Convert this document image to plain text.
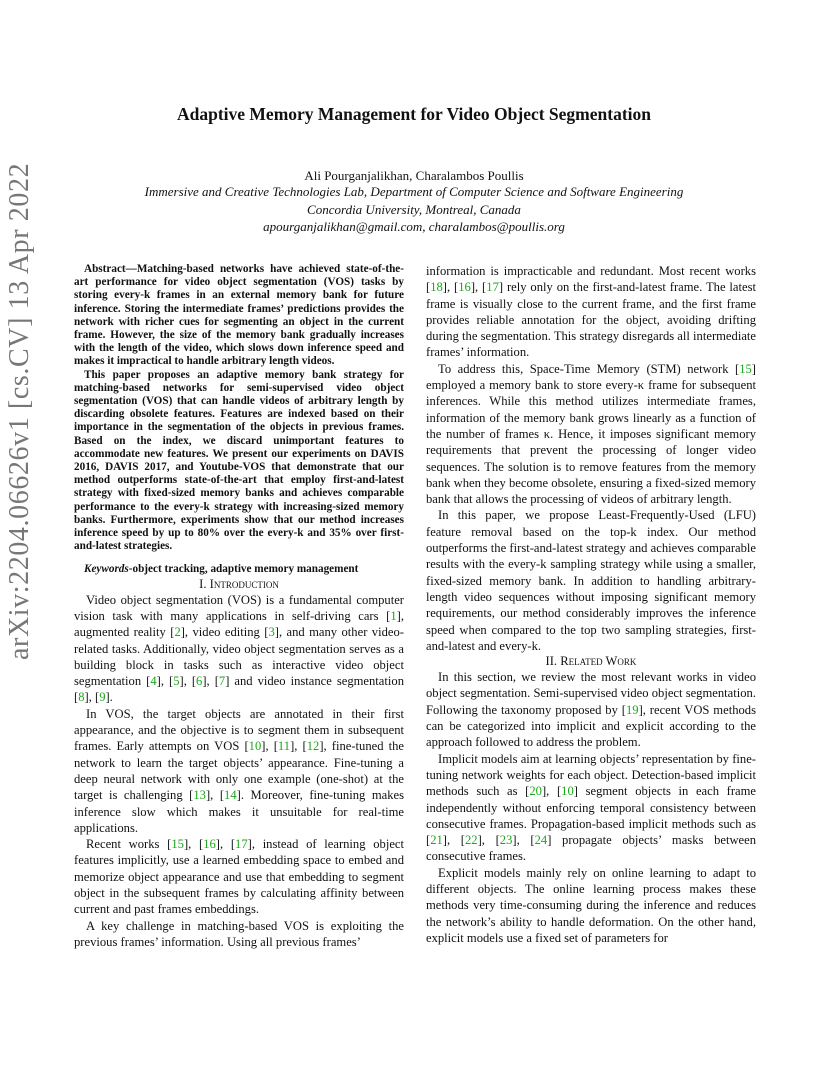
arXiv:2204.06626v1 [cs.CV] 13 Apr 2022
Adaptive Memory Management for Video Object Segmentation
Ali Pourganjalikhan, Charalambos Poullis
Immersive and Creative Technologies Lab, Department of Computer Science and Software Engineering
Concordia University, Montreal, Canada
apourganjalikhan@gmail.com, charalambos@poullis.org

Abstract—Matching-based networks have achieved state-of-the-art performance for video object segmentation (VOS) tasks by storing every-k frames in an external memory bank for future inference. Storing the intermediate frames’ predictions provides the network with richer cues for segmenting an object in the current frame. However, the size of the memory bank gradually increases with the length of the video, which slows down inference speed and makes it impractical to handle arbitrary length videos.

This paper proposes an adaptive memory bank strategy for matching-based networks for semi-supervised video object segmentation (VOS) that can handle videos of arbitrary length by discarding obsolete features. Features are indexed based on their importance in the segmentation of the objects in previous frames. Based on the index, we discard unimportant features to accommodate new features. We present our experiments on DAVIS 2016, DAVIS 2017, and Youtube-VOS that demonstrate that our method outperforms state-of-the-art that employ first-and-latest strategy with fixed-sized memory banks and achieves comparable performance to the every-k strategy with increasing-sized memory banks. Furthermore, experiments show that our method increases inference speed by up to 80% over the every-k and 35% over first-and-latest strategies.

Keywords-object tracking, adaptive memory management
I. Introduction

Video object segmentation (VOS) is a fundamental computer vision task with many applications in self-driving cars [1], augmented reality [2], video editing [3], and many other video-related tasks. Additionally, video object segmentation serves as a building block in tasks such as interactive video object segmentation [4], [5], [6], [7] and video instance segmentation [8], [9].

In VOS, the target objects are annotated in their first appearance, and the objective is to segment them in subsequent frames. Early attempts on VOS [10], [11], [12], fine-tuned the network to learn the target objects’ appearance. Fine-tuning a deep neural network with only one example (one-shot) at the target is challenging [13], [14]. Moreover, fine-tuning makes inference slow which makes it unsuitable for real-time applications.

Recent works [15], [16], [17], instead of learning object features implicitly, use a learned embedding space to embed and memorize object appearance and use that embedding to segment object in the subsequent frames by calculating affinity between current and past frames embeddings.

A key challenge in matching-based VOS is exploiting the previous frames’ information. Using all previous frames’

information is impracticable and redundant. Most recent works [18], [16], [17] rely only on the first-and-latest frame. The latest frame is visually close to the current frame, and the first frame provides reliable annotation for the object, avoiding drifting during the segmentation. This strategy disregards all intermediate frames’ information.

To address this, Space-Time Memory (STM) network [15] employed a memory bank to store every-κ frame for subsequent inferences. While this method utilizes intermediate frames, information of the memory bank grows linearly as a function of the number of frames κ. Hence, it imposes significant memory requirements that prevent the processing of longer video sequences. The solution is to remove features from the memory bank when they become obsolete, ensuring a fixed-sized memory bank that allows the processing of videos of arbitrary length.

In this paper, we propose Least-Frequently-Used (LFU) feature removal based on the top-k index. Our method outperforms the first-and-latest strategy and achieves comparable results with the every-k sampling strategy while using a smaller, fixed-sized memory bank. In addition to handling arbitrary-length video sequences without imposing significant memory requirements, our method considerably improves the inference speed when compared to the top two sampling strategies, first-and-latest and every-k.

II. Related Work

In this section, we review the most relevant works in video object segmentation. Semi-supervised video object segmentation. Following the taxonomy proposed by [19], recent VOS methods can be categorized into implicit and explicit according to the approach followed to address the problem.

Implicit models aim at learning objects’ representation by fine-tuning network weights for each object. Detection-based implicit methods such as [20], [10] segment objects in each frame independently without enforcing temporal consistency between consecutive frames. Propagation-based implicit methods such as [21], [22], [23], [24] propagate objects’ masks between consecutive frames.

Explicit models mainly rely on online learning to adapt to different objects. The online learning process makes these methods very time-consuming during the inference and reduces the network’s ability to handle deformation. On the other hand, explicit models use a fixed set of parameters for
